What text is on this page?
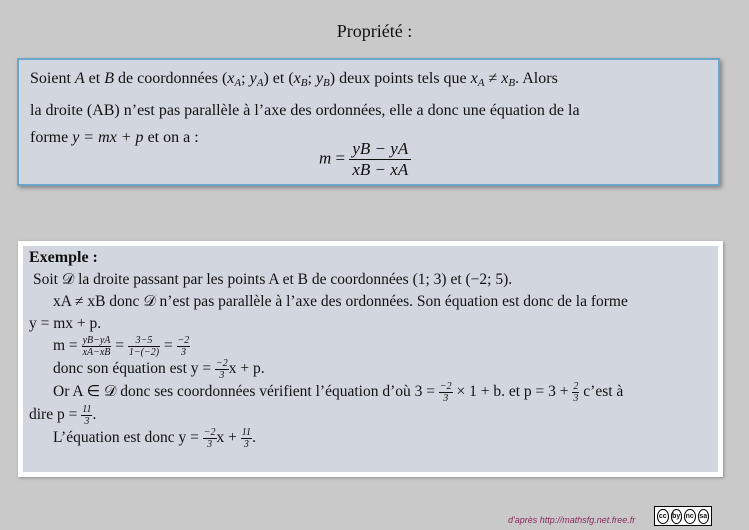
Propriété :
Soient A et B de coordonnées ($x_A$; $y_A$) et ($x_B$; $y_B$) deux points tels que $x_A \ne x_B$. Alors
la droite (AB) n’est pas parallèle à l’axe des ordonnées, elle a donc une équation de la
forme y = mx + p et on a :
$m = \frac{yB - yA}{xB - xA}$
Exemple :
Soit 𝒟 la droite passant par les points A et B de coordonnées (1; 3) et (−2; 5).
xA ≠ xB donc 𝒟 n’est pas parallèle à l’axe des ordonnées. Son équation est donc de la forme
y = mx + p.
$m = \frac{yB-yA}{xA-xB} = \frac{3-5}{1-(-2)} = \frac{-2}{3}$
donc son équation est $y = \frac{-2}{3}$ x + p.
Or A ∈ 𝒟 donc ses coordonnées vérifient l’équation d’où $3 = \frac{-2}{3} \times 1 + b$. et $p = 3 + \frac{2}{3}$ c’est à
dire $p = \frac{11}{3}$ .
L’équation est donc $y = \frac{-2}{3}$ $x + \frac{11}{3}$ .
d'après http://mathsfg.net.free.fr	cc by nc sa
